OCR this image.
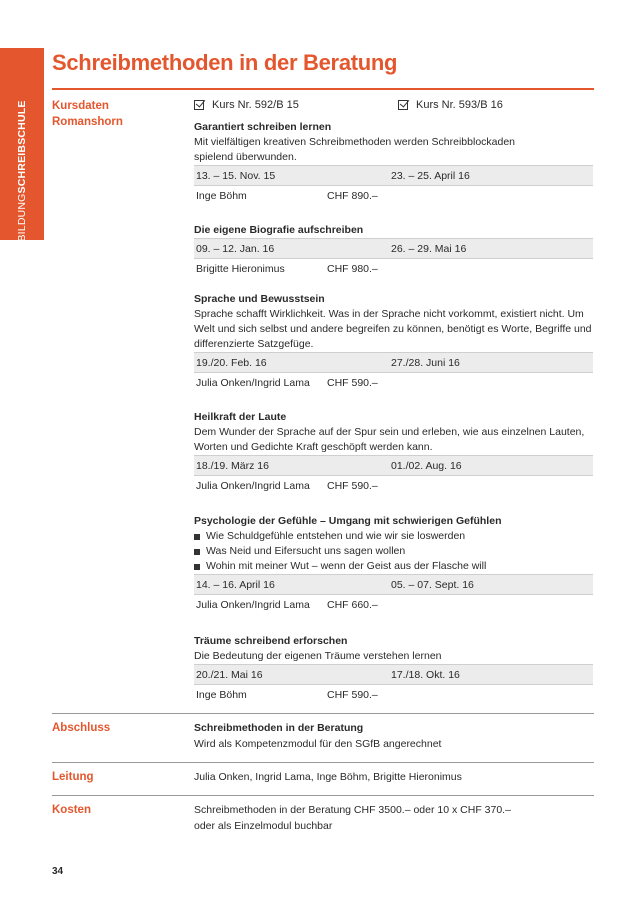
WEITERBILDUNGSCHREIBSCHULE
Schreibmethoden in der Beratung
Kursdaten
Romanshorn
Kurs Nr. 592/B 15	Kurs Nr. 593/B 16
Garantiert schreiben lernen
Mit vielfältigen kreativen Schreibmethoden werden Schreibblockaden
spielend überwunden.
13. – 15. Nov. 15	23. – 25. April 16
Inge Böhm	CHF 890.–
Die eigene Biografie aufschreiben
09. – 12. Jan. 16	26. – 29. Mai 16
Brigitte Hieronimus	CHF 980.–
Sprache und Bewusstsein
Sprache schafft Wirklichkeit. Was in der Sprache nicht vorkommt, existiert nicht. Um
Welt und sich selbst und andere begreifen zu können, benötigt es Worte, Begriffe und
differenzierte Satzgefüge.
19./20. Feb. 16	27./28. Juni 16
Julia Onken/Ingrid Lama	CHF 590.–
Heilkraft der Laute
Dem Wunder der Sprache auf der Spur sein und erleben, wie aus einzelnen Lauten,
Worten und Gedichte Kraft geschöpft werden kann.
18./19. März 16	01./02. Aug. 16
Julia Onken/Ingrid Lama	CHF 590.–
Psychologie der Gefühle – Umgang mit schwierigen Gefühlen
Wie Schuldgefühle entstehen und wie wir sie loswerden
Was Neid und Eifersucht uns sagen wollen
Wohin mit meiner Wut – wenn der Geist aus der Flasche will
14. – 16. April 16	05. – 07. Sept. 16
Julia Onken/Ingrid Lama	CHF 660.–
Träume schreibend erforschen
Die Bedeutung der eigenen Träume verstehen lernen
20./21. Mai 16	17./18. Okt. 16
Inge Böhm	CHF 590.–
Abschluss	Schreibmethoden in der Beratung
Wird als Kompetenzmodul für den SGfB angerechnet
Leitung	Julia Onken, Ingrid Lama, Inge Böhm, Brigitte Hieronimus
Kosten	Schreibmethoden in der Beratung CHF 3500.– oder 10 x CHF 370.–
oder als Einzelmodul buchbar
34
